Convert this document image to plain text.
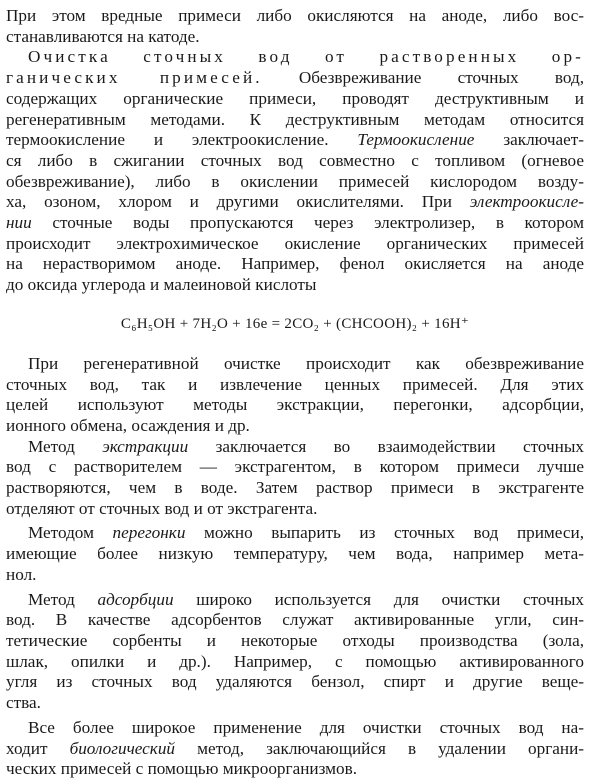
При этом вредные примеси либо окисляются на аноде, либо вос-
станавливаются на катоде.

Очистка сточных вод от растворенных ор-
ганических примесей. Обезвреживание сточных вод,
содержащих органические примеси, проводят деструктивным и
регенеративным методами. К деструктивным методам относится
термоокисление и электроокисление. Термоокисление заключает-
ся либо в сжигании сточных вод совместно с топливом (огневое
обезвреживание), либо в окислении примесей кислородом возду-
ха, озоном, хлором и другими окислителями. При электроокисле-
нии сточные воды пропускаются через электролизер, в котором
происходит электрохимическое окисление органических примесей
на нерастворимом аноде. Например, фенол окисляется на аноде
до оксида углерода и малеиновой кислоты

C₆H₅OH + 7H₂O + 16e = 2CO₂ + (CHCOOH)₂ + 16H⁺

При регенеративной очистке происходит как обезвреживание
сточных вод, так и извлечение ценных примесей. Для этих
целей используют методы экстракции, перегонки, адсорбции,
ионного обмена, осаждения и др.

Метод экстракции заключается во взаимодействии сточных
вод с растворителем — экстрагентом, в котором примеси лучше
растворяются, чем в воде. Затем раствор примеси в экстрагенте
отделяют от сточных вод и от экстрагента.

Методом перегонки можно выпарить из сточных вод примеси,
имеющие более низкую температуру, чем вода, например мета-
нол.

Метод адсорбции широко используется для очистки сточных
вод. В качестве адсорбентов служат активированные угли, син-
тетические сорбенты и некоторые отходы производства (зола,
шлак, опилки и др.). Например, с помощью активированного
угля из сточных вод удаляются бензол, спирт и другие веще-
ства.

Все более широкое применение для очистки сточных вод на-
ходит биологический метод, заключающийся в удалении органи-
ческих примесей с помощью микроорганизмов.
